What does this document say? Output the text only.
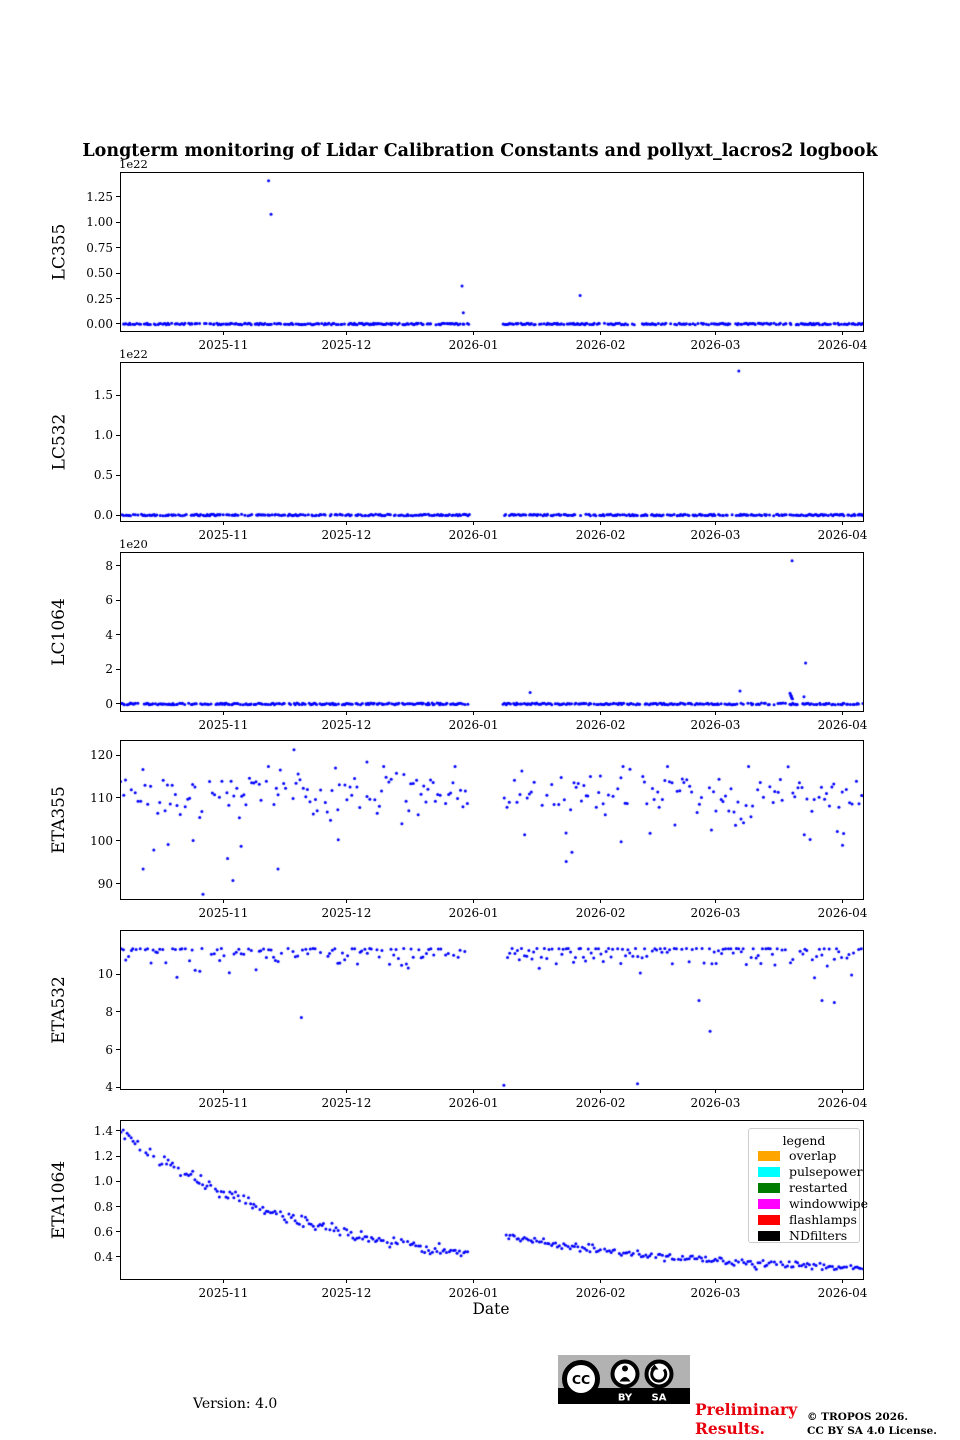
Longterm monitoring of Lidar Calibration Constants and pollyxt_lacros2 logbook
1e22
LC355
0.00
0.25
0.50
0.75
1.00
1.25
2025-11	2025-12	2026-01	2026-02	2026-03	2026-04
1e22
LC532
0.0
0.5
1.0
1.5
2025-11	2025-12	2026-01	2026-02	2026-03	2026-04
1e20
LC1064
0
2
4
6
8
2025-11	2025-12	2026-01	2026-02	2026-03	2026-04
ETA355
90
100
110
120
2025-11	2025-12	2026-01	2026-02	2026-03	2026-04
ETA532
4
6
8
10
2025-11	2025-12	2026-01	2026-02	2026-03	2026-04
ETA1064
0.4
0.6
0.8
1.0
1.2
1.4
2025-11	2025-12	2026-01	2026-02	2026-03	2026-04
legend
overlap
pulsepower
restarted
windowwipe
flashlamps
NDfilters
Date
Version: 4.0
CC
BY SA
Preliminary
Results.
© TROPOS 2026.
CC BY SA 4.0 License.
